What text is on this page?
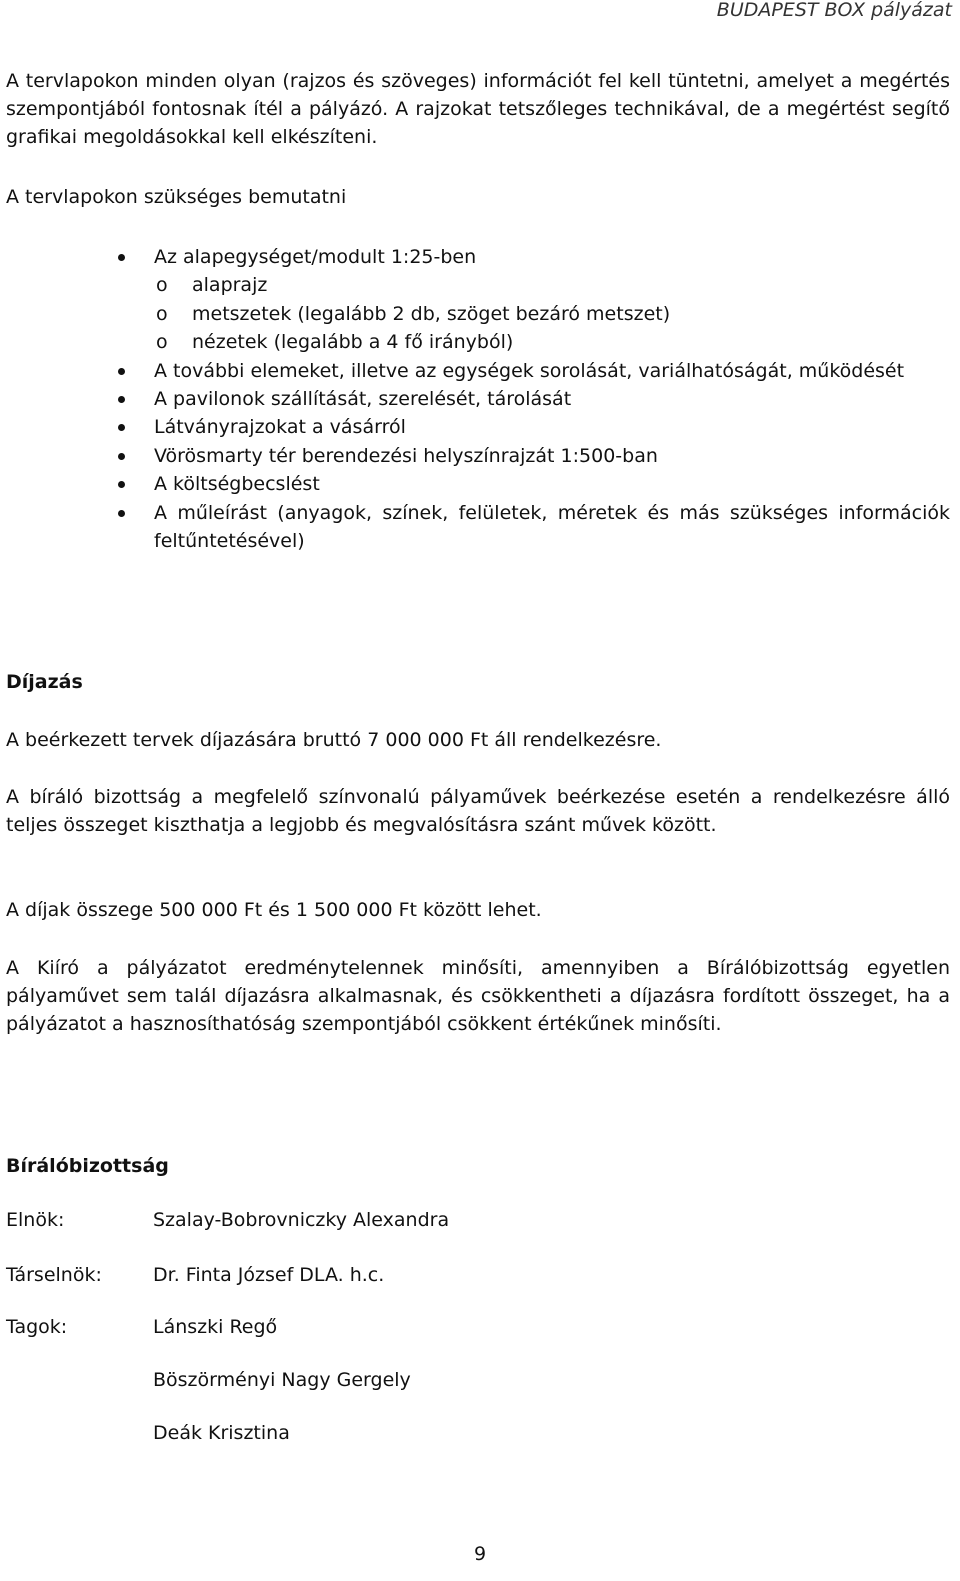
BUDAPEST BOX pályázat

A tervlapokon minden olyan (rajzos és szöveges) információt fel kell tüntetni, amelyet a megértés szempontjából fontosnak ítél a pályázó. A rajzokat tetszőleges technikával, de a megértést segítő grafikai megoldásokkal kell elkészíteni.

A tervlapokon szükséges bemutatni
Az alapegységet/modult 1:25-ben
o alaprajz
o metszetek (legalább 2 db, szöget bezáró metszet)
o nézetek (legalább a 4 fő irányból)
A további elemeket, illetve az egységek sorolását, variálhatóságát, működését
A pavilonok szállítását, szerelését, tárolását
Látványrajzokat a vásárról
Vörösmarty tér berendezési helyszínrajzát 1:500-ban
A költségbecslést
A műleírást (anyagok, színek, felületek, méretek és más szükséges információk feltűntetésével)
Díjazás
A beérkezett tervek díjazására bruttó 7 000 000 Ft áll rendelkezésre.

A bíráló bizottság a megfelelő színvonalú pályaművek beérkezése esetén a rendelkezésre álló teljes összeget kiszthatja a legjobb és megvalósításra szánt művek között.

A díjak összege 500 000 Ft és 1 500 000 Ft között lehet.

A Kiíró a pályázatot eredménytelennek minősíti, amennyiben a Bírálóbizottság egyetlen pályaművet sem talál díjazásra alkalmasnak, és csökkentheti a díjazásra fordított összeget, ha a pályázatot a hasznosíthatóság szempontjából csökkent értékűnek minősíti.

Bírálóbizottság
Elnök:	Szalay-Bobrovniczky Alexandra
Társelnök:	Dr. Finta József DLA. h.c.
Tagok:	Lánszki Regő
Böszörményi Nagy Gergely
Deák Krisztina
9
